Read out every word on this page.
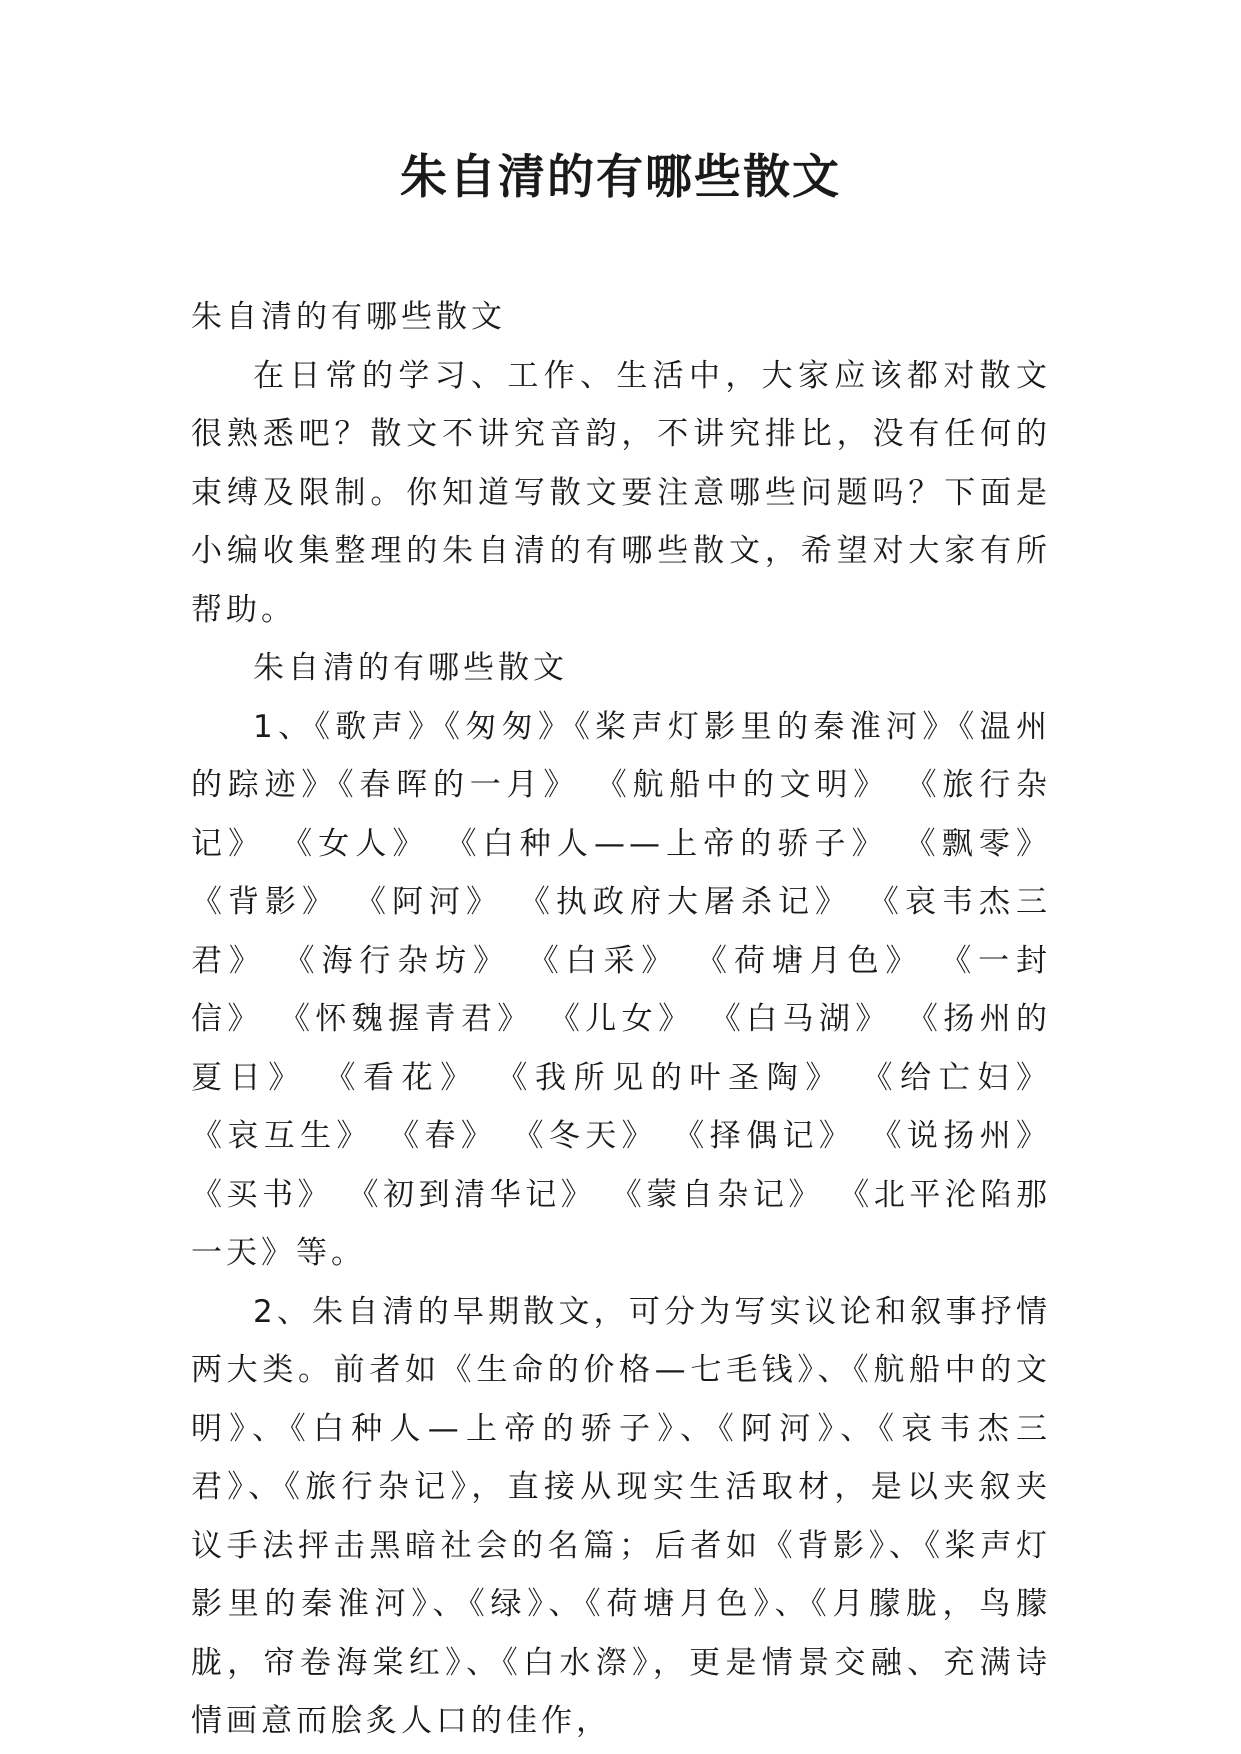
朱自清的有哪些散文

朱自清的有哪些散文

在日常的学习、工作、生活中，大家应该都对散文很熟悉吧？散文不讲究音韵，不讲究排比，没有任何的束缚及限制。你知道写散文要注意哪些问题吗？下面是小编收集整理的朱自清的有哪些散文，希望对大家有所帮助。

朱自清的有哪些散文

1、《歌声》《匆匆》《桨声灯影里的秦淮河》《温州的踪迹》《春晖的一月》 《航船中的文明》 《旅行杂记》 《女人》 《白种人——上帝的骄子》 《飘零》 《背影》 《阿河》 《执政府大屠杀记》 《哀韦杰三君》 《海行杂坊》 《白采》 《荷塘月色》 《一封信》 《怀魏握青君》 《儿女》 《白马湖》 《扬州的夏日》 《看花》 《我所见的叶圣陶》 《给亡妇》 《哀互生》 《春》 《冬天》 《择偶记》 《说扬州》 《买书》 《初到清华记》 《蒙自杂记》 《北平沦陷那一天》等。

2、朱自清的早期散文，可分为写实议论和叙事抒情两大类。前者如《生命的价格—七毛钱》、《航船中的文明》、《白种人—上帝的骄子》、《阿河》、《哀韦杰三君》、《旅行杂记》，直接从现实生活取材，是以夹叙夹议手法抨击黑暗社会的名篇；后者如《背影》、《桨声灯影里的秦淮河》、《绿》、《荷塘月色》、《月朦胧，鸟朦胧，帘卷海棠红》、《白水漈》，更是情景交融、充满诗情画意而脍炙人口的佳作，
